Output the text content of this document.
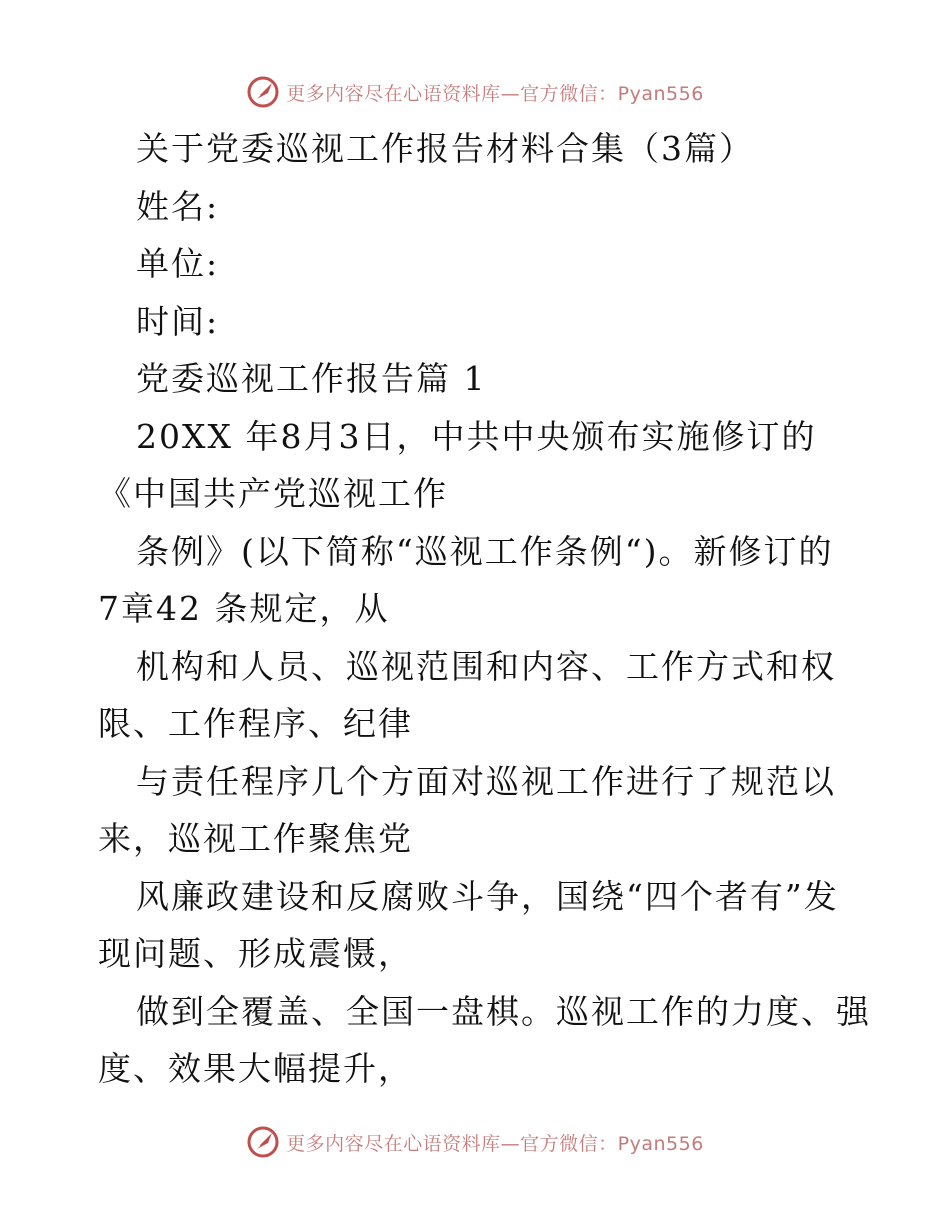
更多内容尽在心语资料库—官方微信：Pyan556
关于党委巡视工作报告材料合集（3篇）
姓名:
单位:
时间:
党委巡视工作报告篇 1
20XX 年8月3日，中共中央颁布实施修订的
《中国共产党巡视工作
条例》(以下简称“巡视工作条例“)。新修订的
7章42 条规定，从
机构和人员、巡视范围和内容、工作方式和权
限、工作程序、纪律
与责任程序几个方面对巡视工作进行了规范以
来，巡视工作聚焦党
风廉政建设和反腐败斗争，国绕“四个者有”发
现问题、形成震慑，
做到全覆盖、全国一盘棋。巡视工作的力度、强
度、效果大幅提升，
更多内容尽在心语资料库—官方微信：Pyan556
